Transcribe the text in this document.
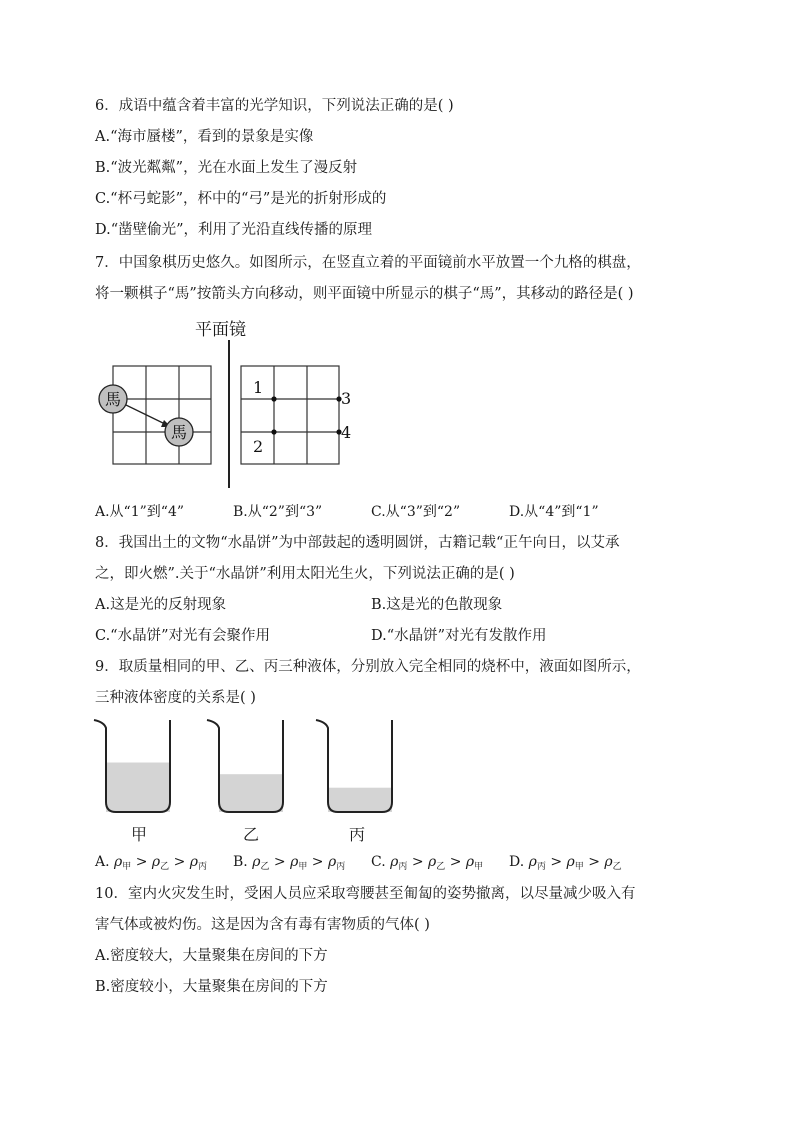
6．成语中蕴含着丰富的光学知识，下列说法正确的是( )
A.“海市蜃楼”，看到的景象是实像
B.“波光粼粼”，光在水面上发生了漫反射
C.“杯弓蛇影”，杯中的“弓”是光的折射形成的
D.“凿壁偷光”，利用了光沿直线传播的原理
7．中国象棋历史悠久。如图所示，在竖直立着的平面镜前水平放置一个九格的棋盘，
将一颗棋子“馬”按箭头方向移动，则平面镜中所显示的棋子“馬”，其移动的路径是( )
平面镜
馬
馬
1
2
3
4
A.从“1”到“4”	B.从“2”到“3”	C.从“3”到“2”	D.从“4”到“1”
8．我国出土的文物“水晶饼”为中部鼓起的透明圆饼，古籍记载“正午向日，以艾承
之，即火燃”.关于“水晶饼”利用太阳光生火，下列说法正确的是( )
A.这是光的反射现象	B.这是光的色散现象
C.“水晶饼”对光有会聚作用	D.“水晶饼”对光有发散作用
9．取质量相同的甲、乙、丙三种液体，分别放入完全相同的烧杯中，液面如图所示，
三种液体密度的关系是( )
甲	乙	丙
A. $\rho_甲 > \rho_乙 > \rho_丙$ B. $\rho_乙 > \rho_甲 > \rho_丙$ C. $\rho_丙 > \rho_乙 > \rho_甲$ D. $\rho_丙 > \rho_甲 > \rho_乙$
10．室内火灾发生时，受困人员应采取弯腰甚至匍匐的姿势撤离，以尽量减少吸入有
害气体或被灼伤。这是因为含有毒有害物质的气体( )
A.密度较大，大量聚集在房间的下方
B.密度较小，大量聚集在房间的下方
